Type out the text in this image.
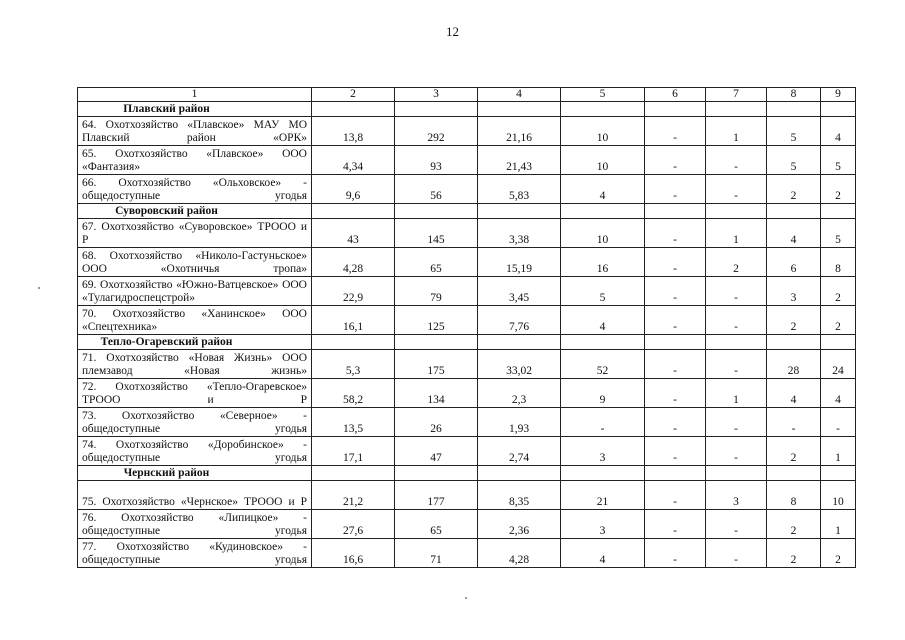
12
1	2	3	4	5	6	7	8	9
Плавский район								
64. Охотхозяйство «Плавское» МАУ МО Плавский район «ОРК»	13,8	292	21,16	10	-	1	5	4
65. Охотхозяйство «Плавское» ООО «Фантазия»	4,34	93	21,43	10	-	-	5	5
66. Охотхозяйство «Ольховское» - общедоступные угодья	9,6	56	5,83	4	-	-	2	2
Суворовский район								
67. Охотхозяйство «Суворовское» ТРООО и Р	43	145	3,38	10	-	1	4	5
68. Охотхозяйство «Николо-Гастуньское» ООО «Охотничья тропа»	4,28	65	15,19	16	-	2	6	8
69. Охотхозяйство «Южно-Ватцевское» ООО «Тулагидроспецстрой»	22,9	79	3,45	5	-	-	3	2
70. Охотхозяйство «Ханинское» ООО «Спецтехника»	16,1	125	7,76	4	-	-	2	2
Тепло-Огаревский район								
71. Охотхозяйство «Новая Жизнь» ООО племзавод «Новая жизнь»	5,3	175	33,02	52	-	-	28	24
72. Охотхозяйство «Тепло-Огаревское» ТРООО и Р	58,2	134	2,3	9	-	1	4	4
73. Охотхозяйство «Северное» - общедоступные угодья	13,5	26	1,93	-	-	-	-	-
74. Охотхозяйство «Доробинское» - общедоступные угодья	17,1	47	2,74	3	-	-	2	1
Чернский район								
75. Охотхозяйство «Чернское» ТРООО и Р	21,2	177	8,35	21	-	3	8	10
76. Охотхозяйство «Липицкое» - общедоступные угодья	27,6	65	2,36	3	-	-	2	1
77. Охотхозяйство «Кудиновское» - общедоступные угодья	16,6	71	4,28	4	-	-	2	2
